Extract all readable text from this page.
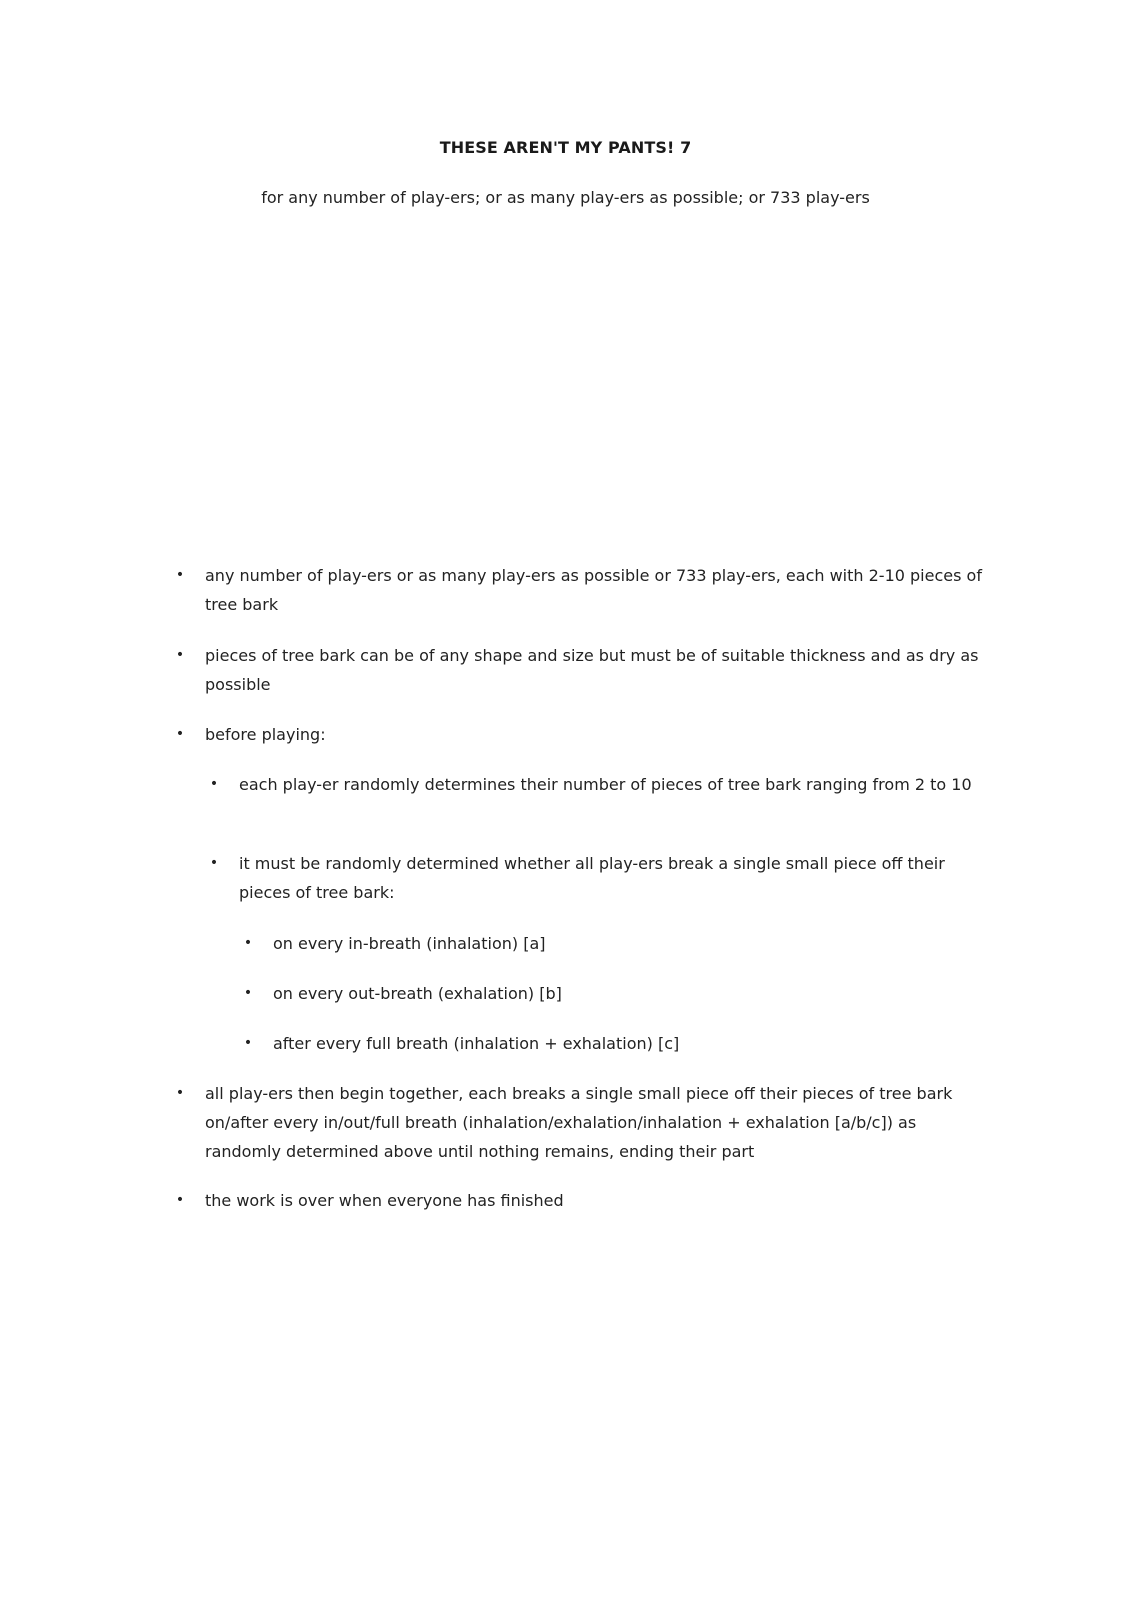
THESE AREN'T MY PANTS! 7
for any number of play-ers; or as many play-ers as possible; or 733 play-ers
• any number of play-ers or as many play-ers as possible or 733 play-ers, each with 2-10 pieces of tree bark
• pieces of tree bark can be of any shape and size but must be of suitable thickness and as dry as possible
• before playing:
• each play-er randomly determines their number of pieces of tree bark ranging from 2 to 10
• it must be randomly determined whether all play-ers break a single small piece off their pieces of tree bark:
• on every in-breath (inhalation) [a]
• on every out-breath (exhalation) [b]
• after every full breath (inhalation + exhalation) [c]
• all play-ers then begin together, each breaks a single small piece off their pieces of tree bark on/after every in/out/full breath (inhalation/exhalation/inhalation + exhalation [a/b/c]) as randomly determined above until nothing remains, ending their part
• the work is over when everyone has finished
